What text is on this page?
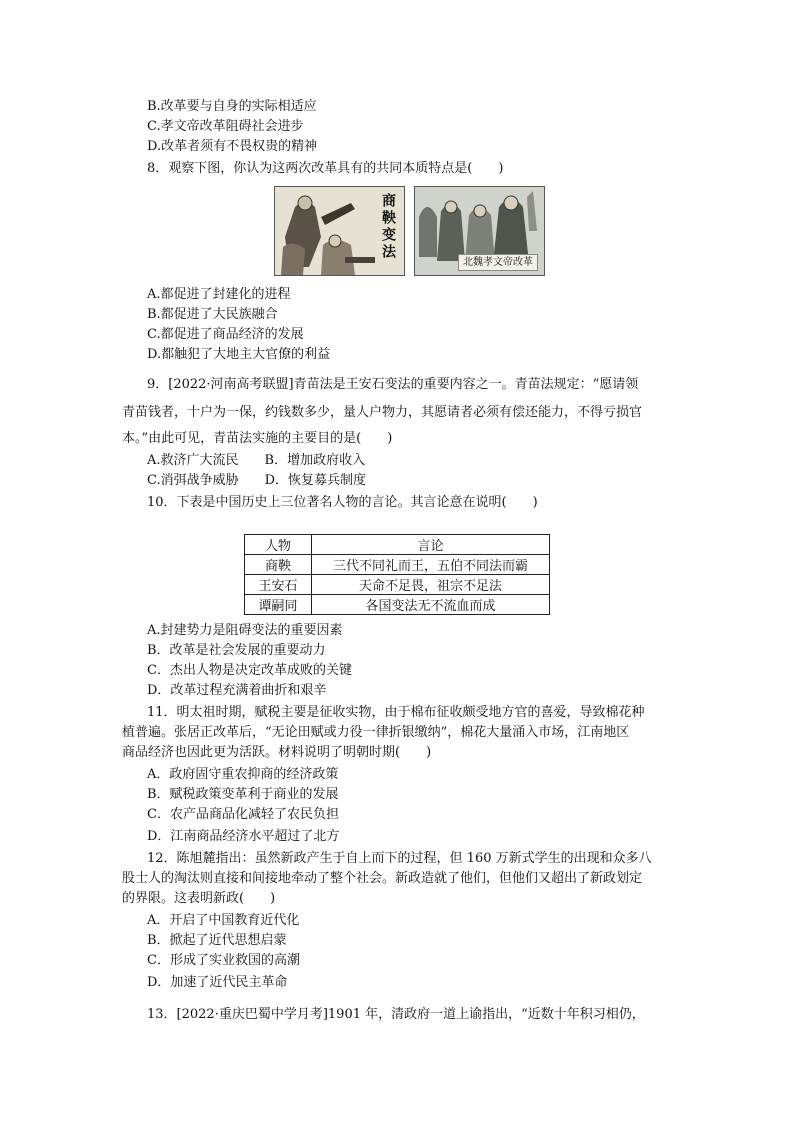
B.改革要与自身的实际相适应
C.孝文帝改革阻碍社会进步
D.改革者须有不畏权贵的精神
8．观察下图，你认为这两次改革具有的共同本质特点是(　　)
商鞅变法
北魏孝文帝改革
A.都促进了封建化的进程
B.都促进了大民族融合
C.都促进了商品经济的发展
D.都触犯了大地主大官僚的利益
9．[2022·河南高考联盟]青苗法是王安石变法的重要内容之一。青苗法规定：“愿请领
青苗钱者，十户为一保，约钱数多少，量人户物力，其愿请者必须有偿还能力，不得亏损官
本。”由此可见，青苗法实施的主要目的是(　　)
A.救济广大流民　　B．增加政府收入
C.消弭战争威胁　　D．恢复募兵制度
10．下表是中国历史上三位著名人物的言论。其言论意在说明(　　)
人物	言论
商鞅	三代不同礼而王，五伯不同法而霸
王安石	天命不足畏，祖宗不足法
谭嗣同	各国变法无不流血而成
A.封建势力是阻碍变法的重要因素
B．改革是社会发展的重要动力
C．杰出人物是决定改革成败的关键
D．改革过程充满着曲折和艰辛
11．明太祖时期，赋税主要是征收实物，由于棉布征收颇受地方官的喜爱，导致棉花种
植普遍。张居正改革后，“无论田赋或力役一律折银缴纳”，棉花大量涌入市场，江南地区
商品经济也因此更为活跃。材料说明了明朝时期(　　)
A．政府固守重农抑商的经济政策
B．赋税政策变革利于商业的发展
C．农产品商品化减轻了农民负担
D．江南商品经济水平超过了北方
12．陈旭麓指出：虽然新政产生于自上而下的过程，但 160 万新式学生的出现和众多八
股士人的淘汰则直接和间接地牵动了整个社会。新政造就了他们，但他们又超出了新政划定
的界限。这表明新政(　　)
A．开启了中国教育近代化
B．掀起了近代思想启蒙
C．形成了实业救国的高潮
D．加速了近代民主革命
13．[2022·重庆巴蜀中学月考]1901 年，清政府一道上谕指出，“近数十年积习相仍，
